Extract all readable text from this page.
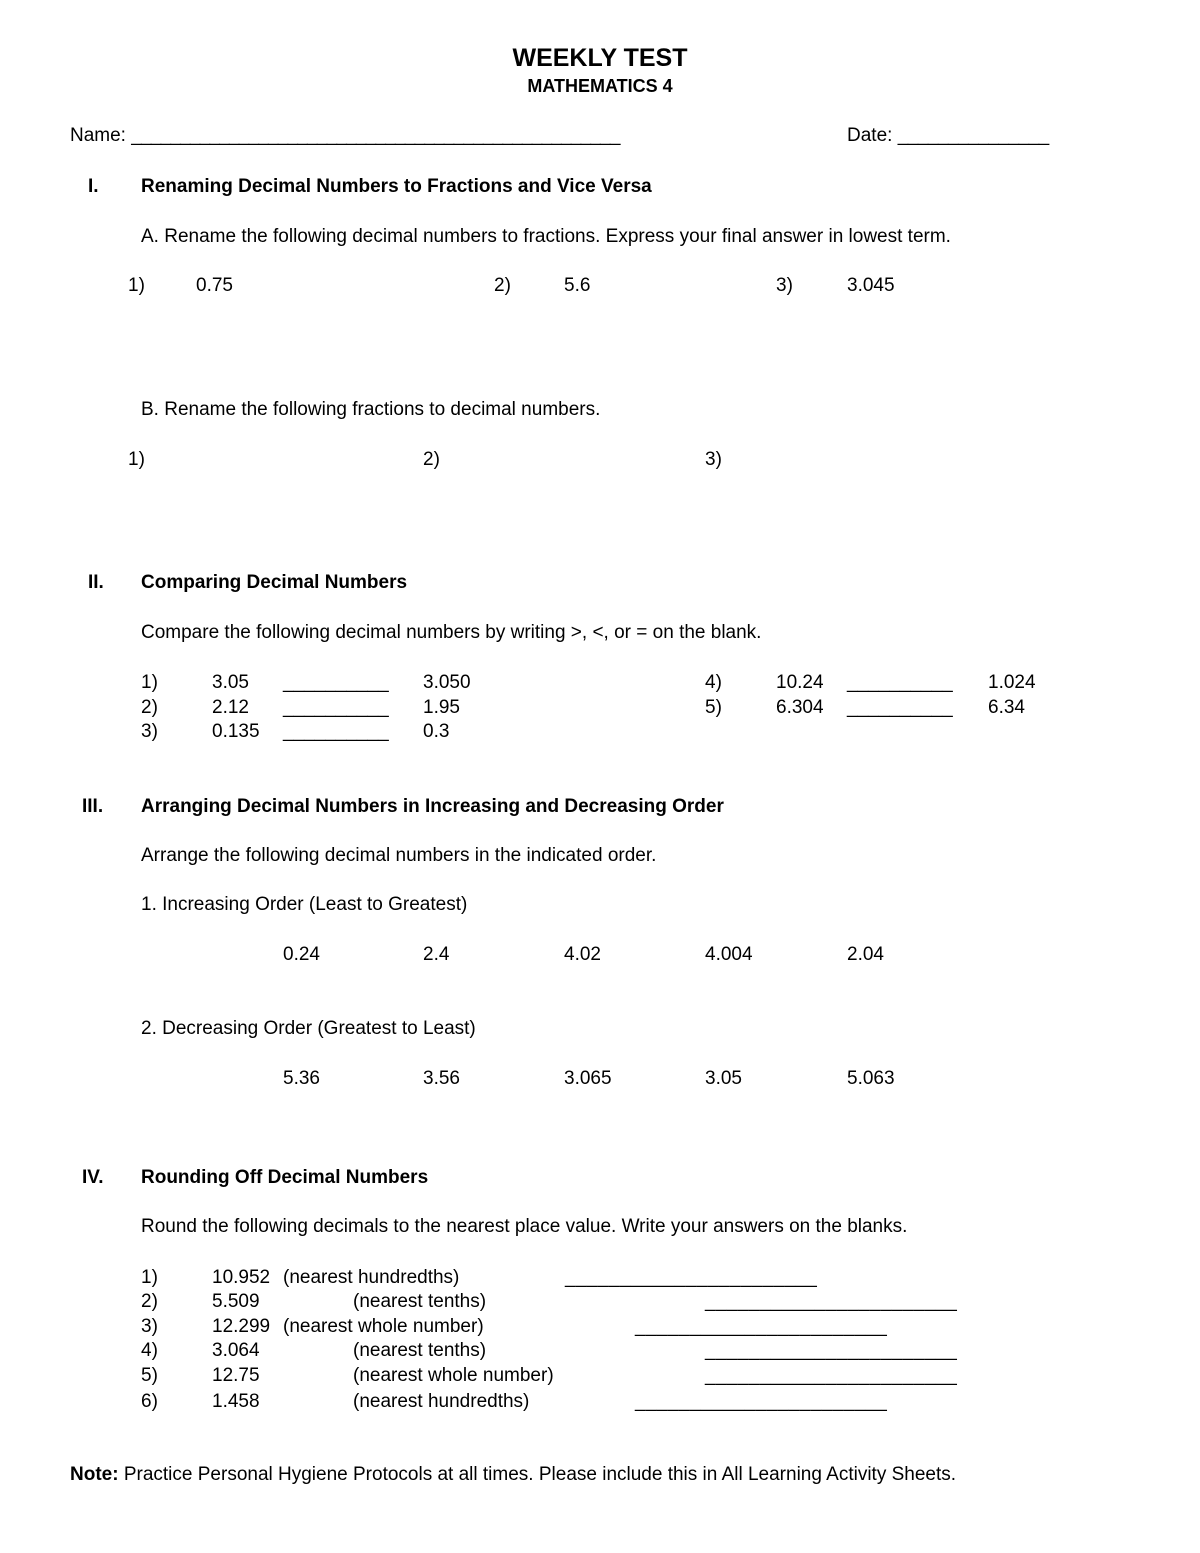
WEEKLY TEST
MATHEMATICS 4
Name: __________________________________________________	Date: _______________
I. Renaming Decimal Numbers to Fractions and Vice Versa
A. Rename the following decimal numbers to fractions. Express your final answer in lowest term.
1)	0.75	2)	5.6	3)	3.045
B. Rename the following fractions to decimal numbers.
1)	2)	3)
II. Comparing Decimal Numbers
Compare the following decimal numbers by writing >, <, or = on the blank.
1)	3.05 __________ 3.050
2)	2.12 __________ 1.95
3)	0.135 __________ 0.3
4)	10.24 __________ 1.024
5)	6.304 __________ 6.34
III. Arranging Decimal Numbers in Increasing and Decreasing Order
Arrange the following decimal numbers in the indicated order.
1. Increasing Order (Least to Greatest)
0.24	2.4	4.02	4.004	2.04
2. Decreasing Order (Greatest to Least)
5.36	3.56	3.065	3.05	5.063
IV. Rounding Off Decimal Numbers
Round the following decimals to the nearest place value. Write your answers on the blanks.
1)	10.952 (nearest hundredths)	_______________________
2)	5.509	(nearest tenths)	_______________________
3)	12.299 (nearest whole number)	_______________________
4)	3.064	(nearest tenths)	_______________________
5)	12.75	(nearest whole number)	_______________________
6)	1.458	(nearest hundredths)	_______________________
Note: Practice Personal Hygiene Protocols at all times. Please include this in All Learning Activity Sheets.
